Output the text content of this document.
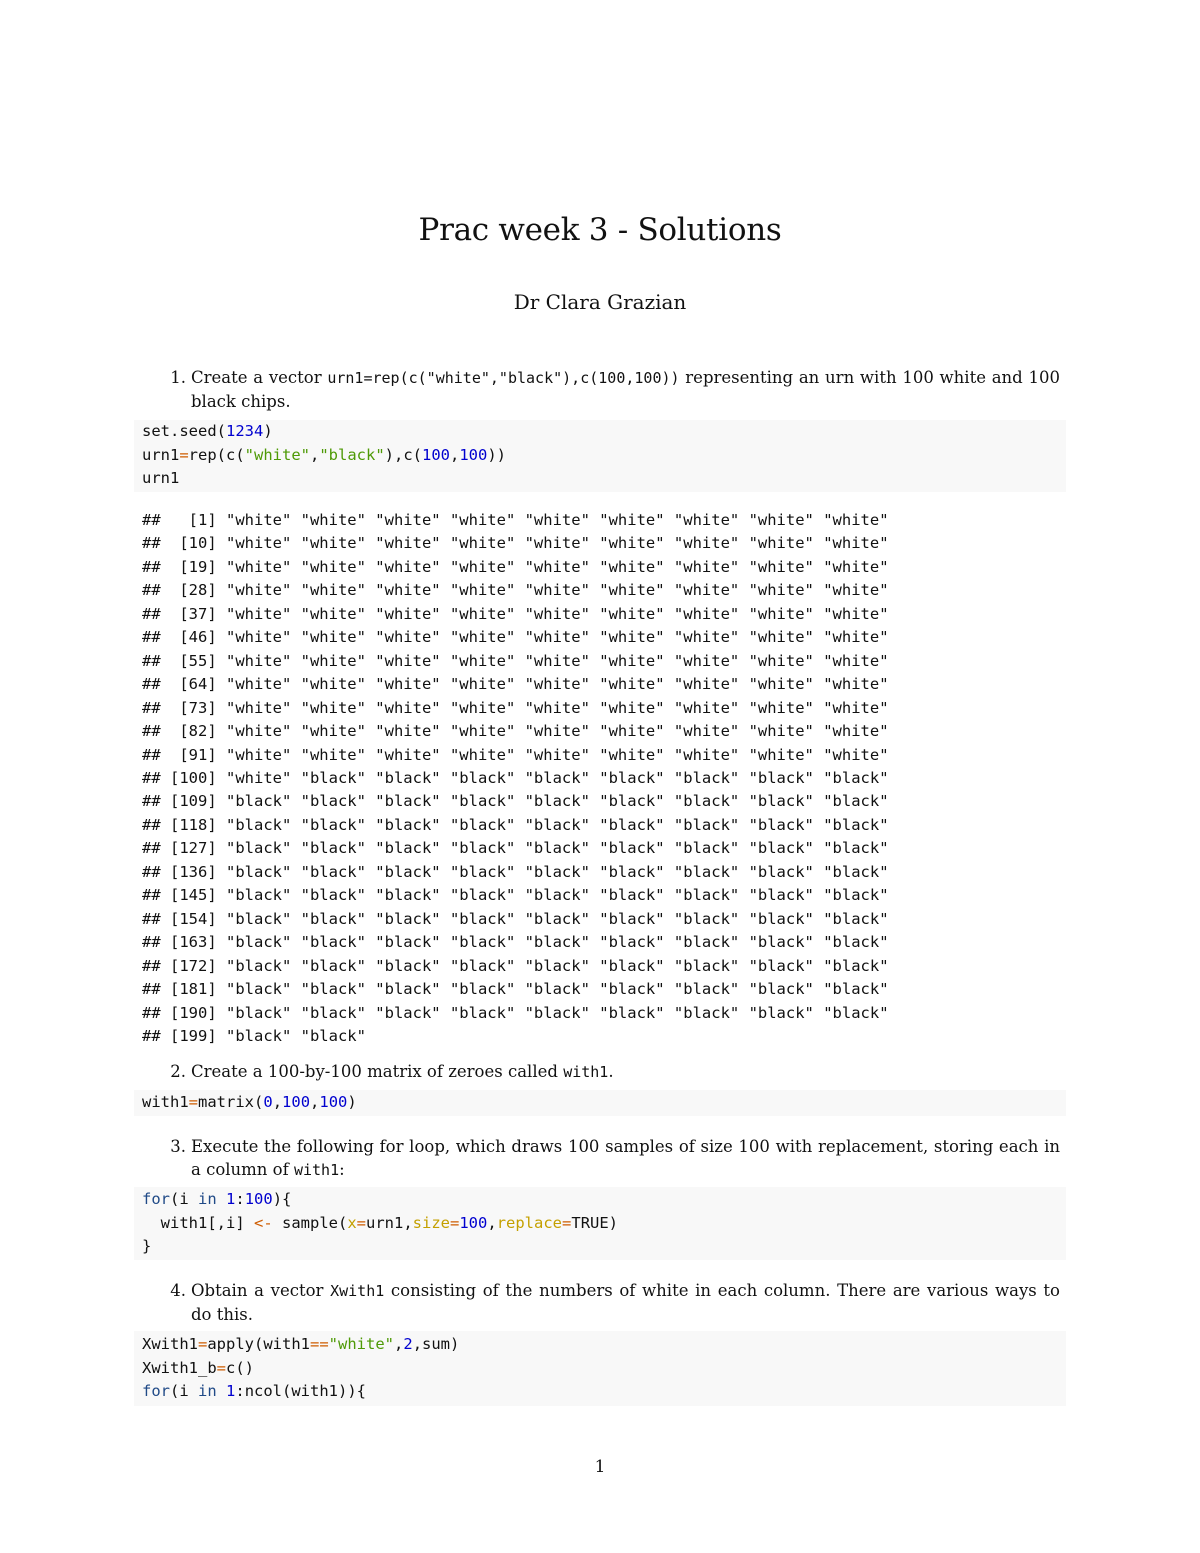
Prac week 3 - Solutions
Dr Clara Grazian
1. Create a vector urn1=rep(c("white","black"),c(100,100)) representing an urn with 100 white and 100 black chips.
set.seed(1234)
urn1=rep(c("white","black"),c(100,100))
urn1
##   [1] "white" "white" "white" "white" "white" "white" "white" "white" "white"
##  [10] "white" "white" "white" "white" "white" "white" "white" "white" "white"
##  [19] "white" "white" "white" "white" "white" "white" "white" "white" "white"
##  [28] "white" "white" "white" "white" "white" "white" "white" "white" "white"
##  [37] "white" "white" "white" "white" "white" "white" "white" "white" "white"
##  [46] "white" "white" "white" "white" "white" "white" "white" "white" "white"
##  [55] "white" "white" "white" "white" "white" "white" "white" "white" "white"
##  [64] "white" "white" "white" "white" "white" "white" "white" "white" "white"
##  [73] "white" "white" "white" "white" "white" "white" "white" "white" "white"
##  [82] "white" "white" "white" "white" "white" "white" "white" "white" "white"
##  [91] "white" "white" "white" "white" "white" "white" "white" "white" "white"
## [100] "white" "black" "black" "black" "black" "black" "black" "black" "black"
## [109] "black" "black" "black" "black" "black" "black" "black" "black" "black"
## [118] "black" "black" "black" "black" "black" "black" "black" "black" "black"
## [127] "black" "black" "black" "black" "black" "black" "black" "black" "black"
## [136] "black" "black" "black" "black" "black" "black" "black" "black" "black"
## [145] "black" "black" "black" "black" "black" "black" "black" "black" "black"
## [154] "black" "black" "black" "black" "black" "black" "black" "black" "black"
## [163] "black" "black" "black" "black" "black" "black" "black" "black" "black"
## [172] "black" "black" "black" "black" "black" "black" "black" "black" "black"
## [181] "black" "black" "black" "black" "black" "black" "black" "black" "black"
## [190] "black" "black" "black" "black" "black" "black" "black" "black" "black"
## [199] "black" "black"
2. Create a 100-by-100 matrix of zeroes called with1.
with1=matrix(0,100,100)
3. Execute the following for loop, which draws 100 samples of size 100 with replacement, storing each in a column of with1:
for(i in 1:100){
with1[,i] <- sample(x=urn1,size=100,replace=TRUE)
}
4. Obtain a vector Xwith1 consisting of the numbers of white in each column. There are various ways to do this.
Xwith1=apply(with1=="white",2,sum)
Xwith1_b=c()
for(i in 1:ncol(with1)){
1
